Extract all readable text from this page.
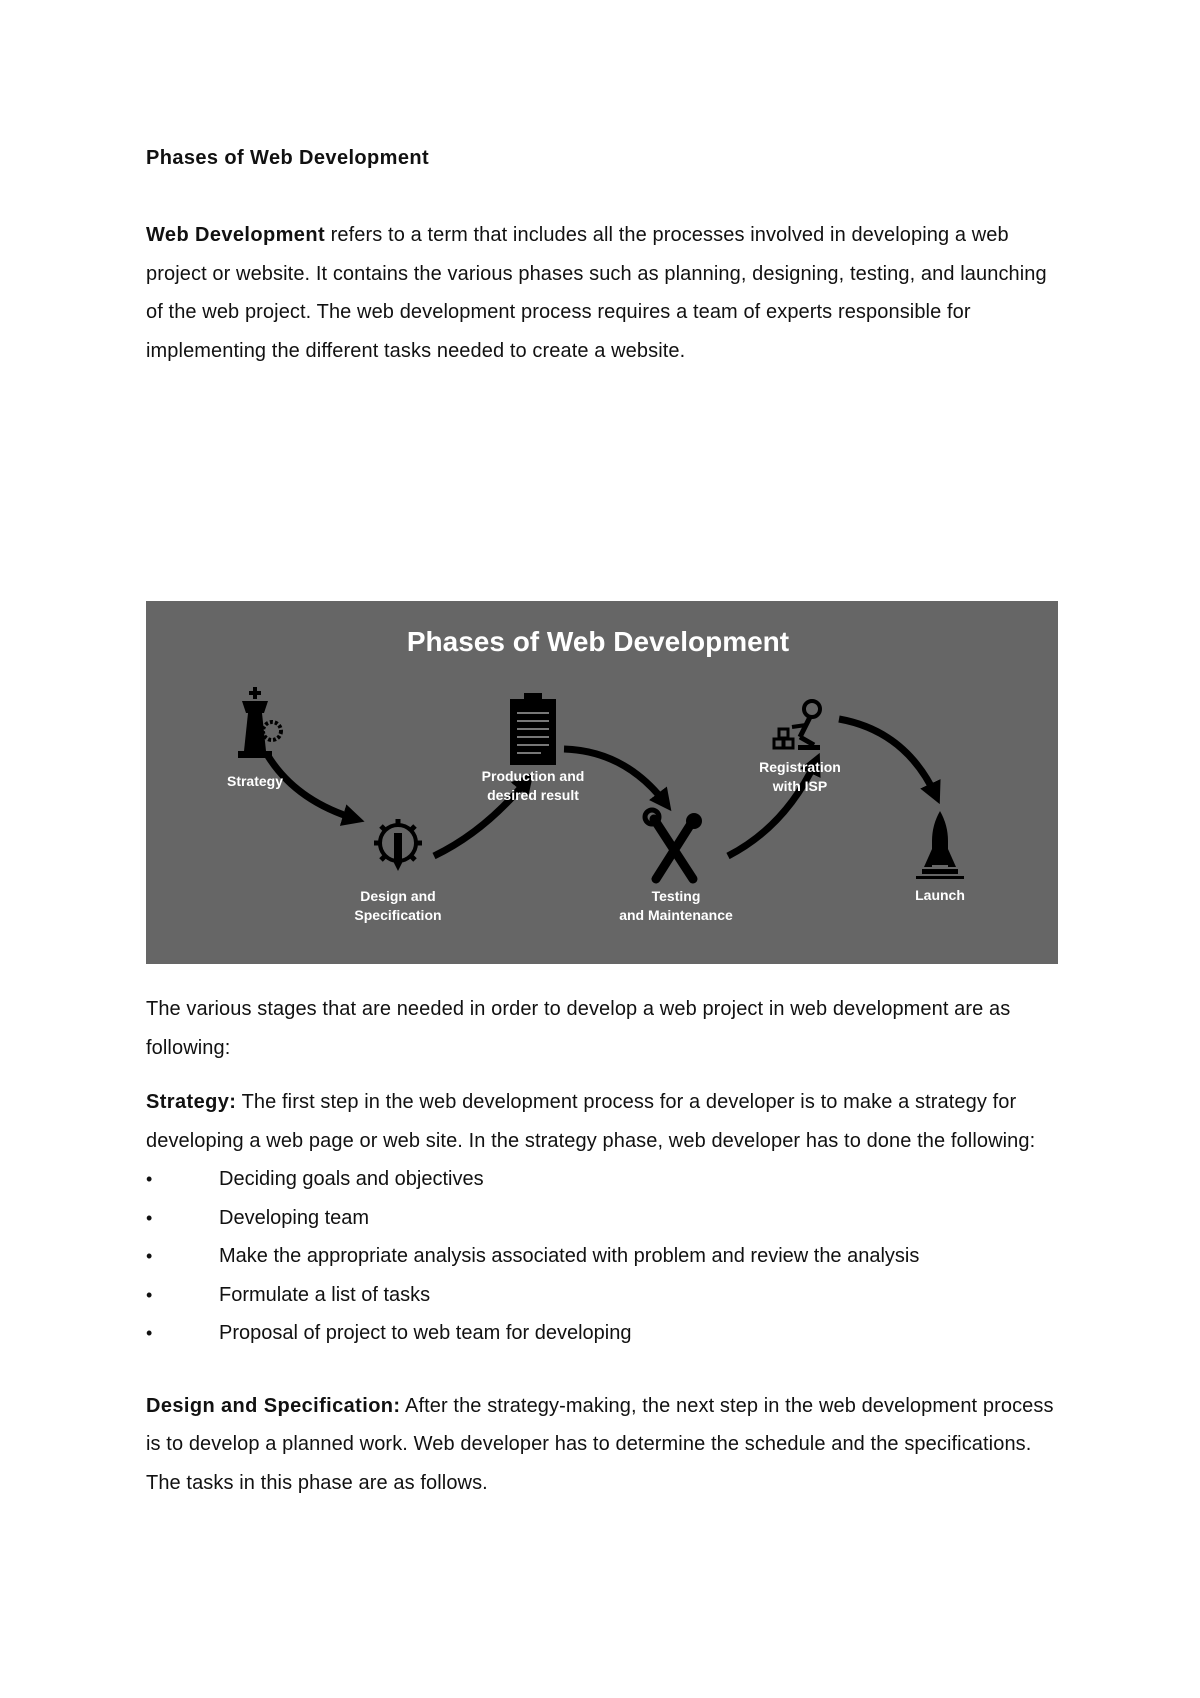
Phases of Web Development

Web Development refers to a term that includes all the processes involved in developing a web project or website. It contains the various phases such as planning, designing, testing, and launching of the web project. The web development process requires a team of experts responsible for implementing the different tasks needed to create a website.

Phases of Web Development
Strategy
Design and
Specification
Production and
desired result
Testing
and Maintenance
Registration
with ISP
Launch

The various stages that are needed in order to develop a web project in web development are as following:

Strategy: The first step in the web development process for a developer is to make a strategy for developing a web page or web site. In the strategy phase, web developer has to done the following:

•	Deciding goals and objectives
•	Developing team
•	Make the appropriate analysis associated with problem and review the analysis
•	Formulate a list of tasks
•	Proposal of project to web team for developing

Design and Specification: After the strategy-making, the next step in the web development process is to develop a planned work. Web developer has to determine the schedule and the specifications. The tasks in this phase are as follows.
